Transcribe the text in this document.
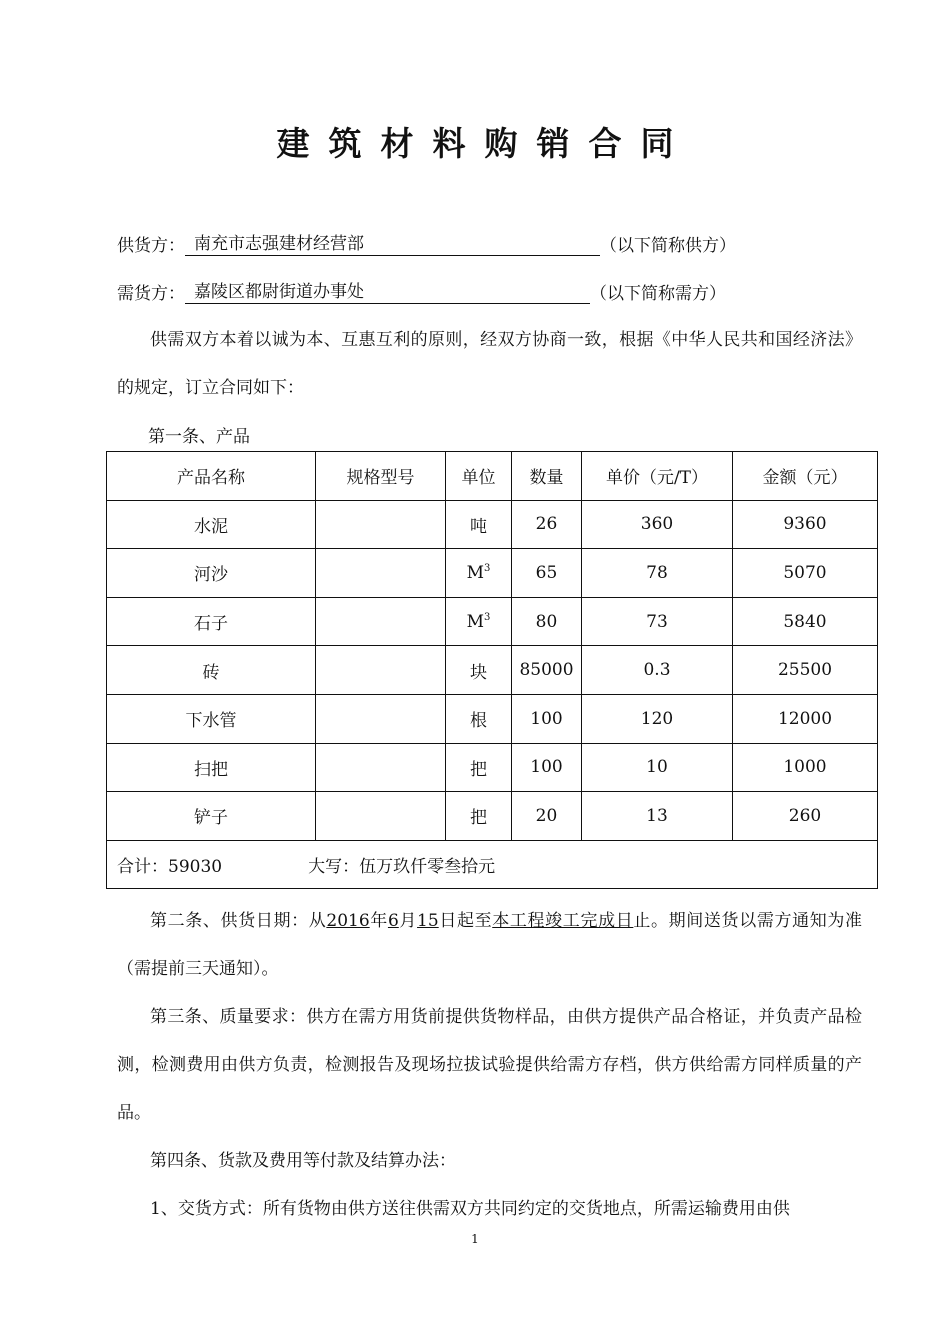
建筑材料购销合同
供货方： 南充市志强建材经营部	（以下简称供方）
需货方： 嘉陵区都尉街道办事处	（以下简称需方）
供需双方本着以诚为本、互惠互利的原则，经双方协商一致，根据《中华人民共和国经济法》的规定，订立合同如下：
第一条、产品
产品名称	规格型号	单位	数量	单价（元/T）	金额（元）
水泥		吨	26	360	9360
河沙		$M^3$	65	78	5070
石子		$M^3$	80	73	5840
砖		块	85000	0.3	25500
下水管		根	100	120	12000
扫把		把	100	10	1000
铲子		把	20	13	260
合计：59030 大写：伍万玖仟零叁拾元					
第二条、供货日期：从2016年6月15日起至本工程竣工完成日止。期间送货以需方通知为准（需提前三天通知）。
第三条、质量要求：供方在需方用货前提供货物样品，由供方提供产品合格证，并负责产品检测，检测费用由供方负责，检测报告及现场拉拔试验提供给需方存档，供方供给需方同样质量的产品。
第四条、货款及费用等付款及结算办法：
1、交货方式：所有货物由供方送往供需双方共同约定的交货地点，所需运输费用由供
1
